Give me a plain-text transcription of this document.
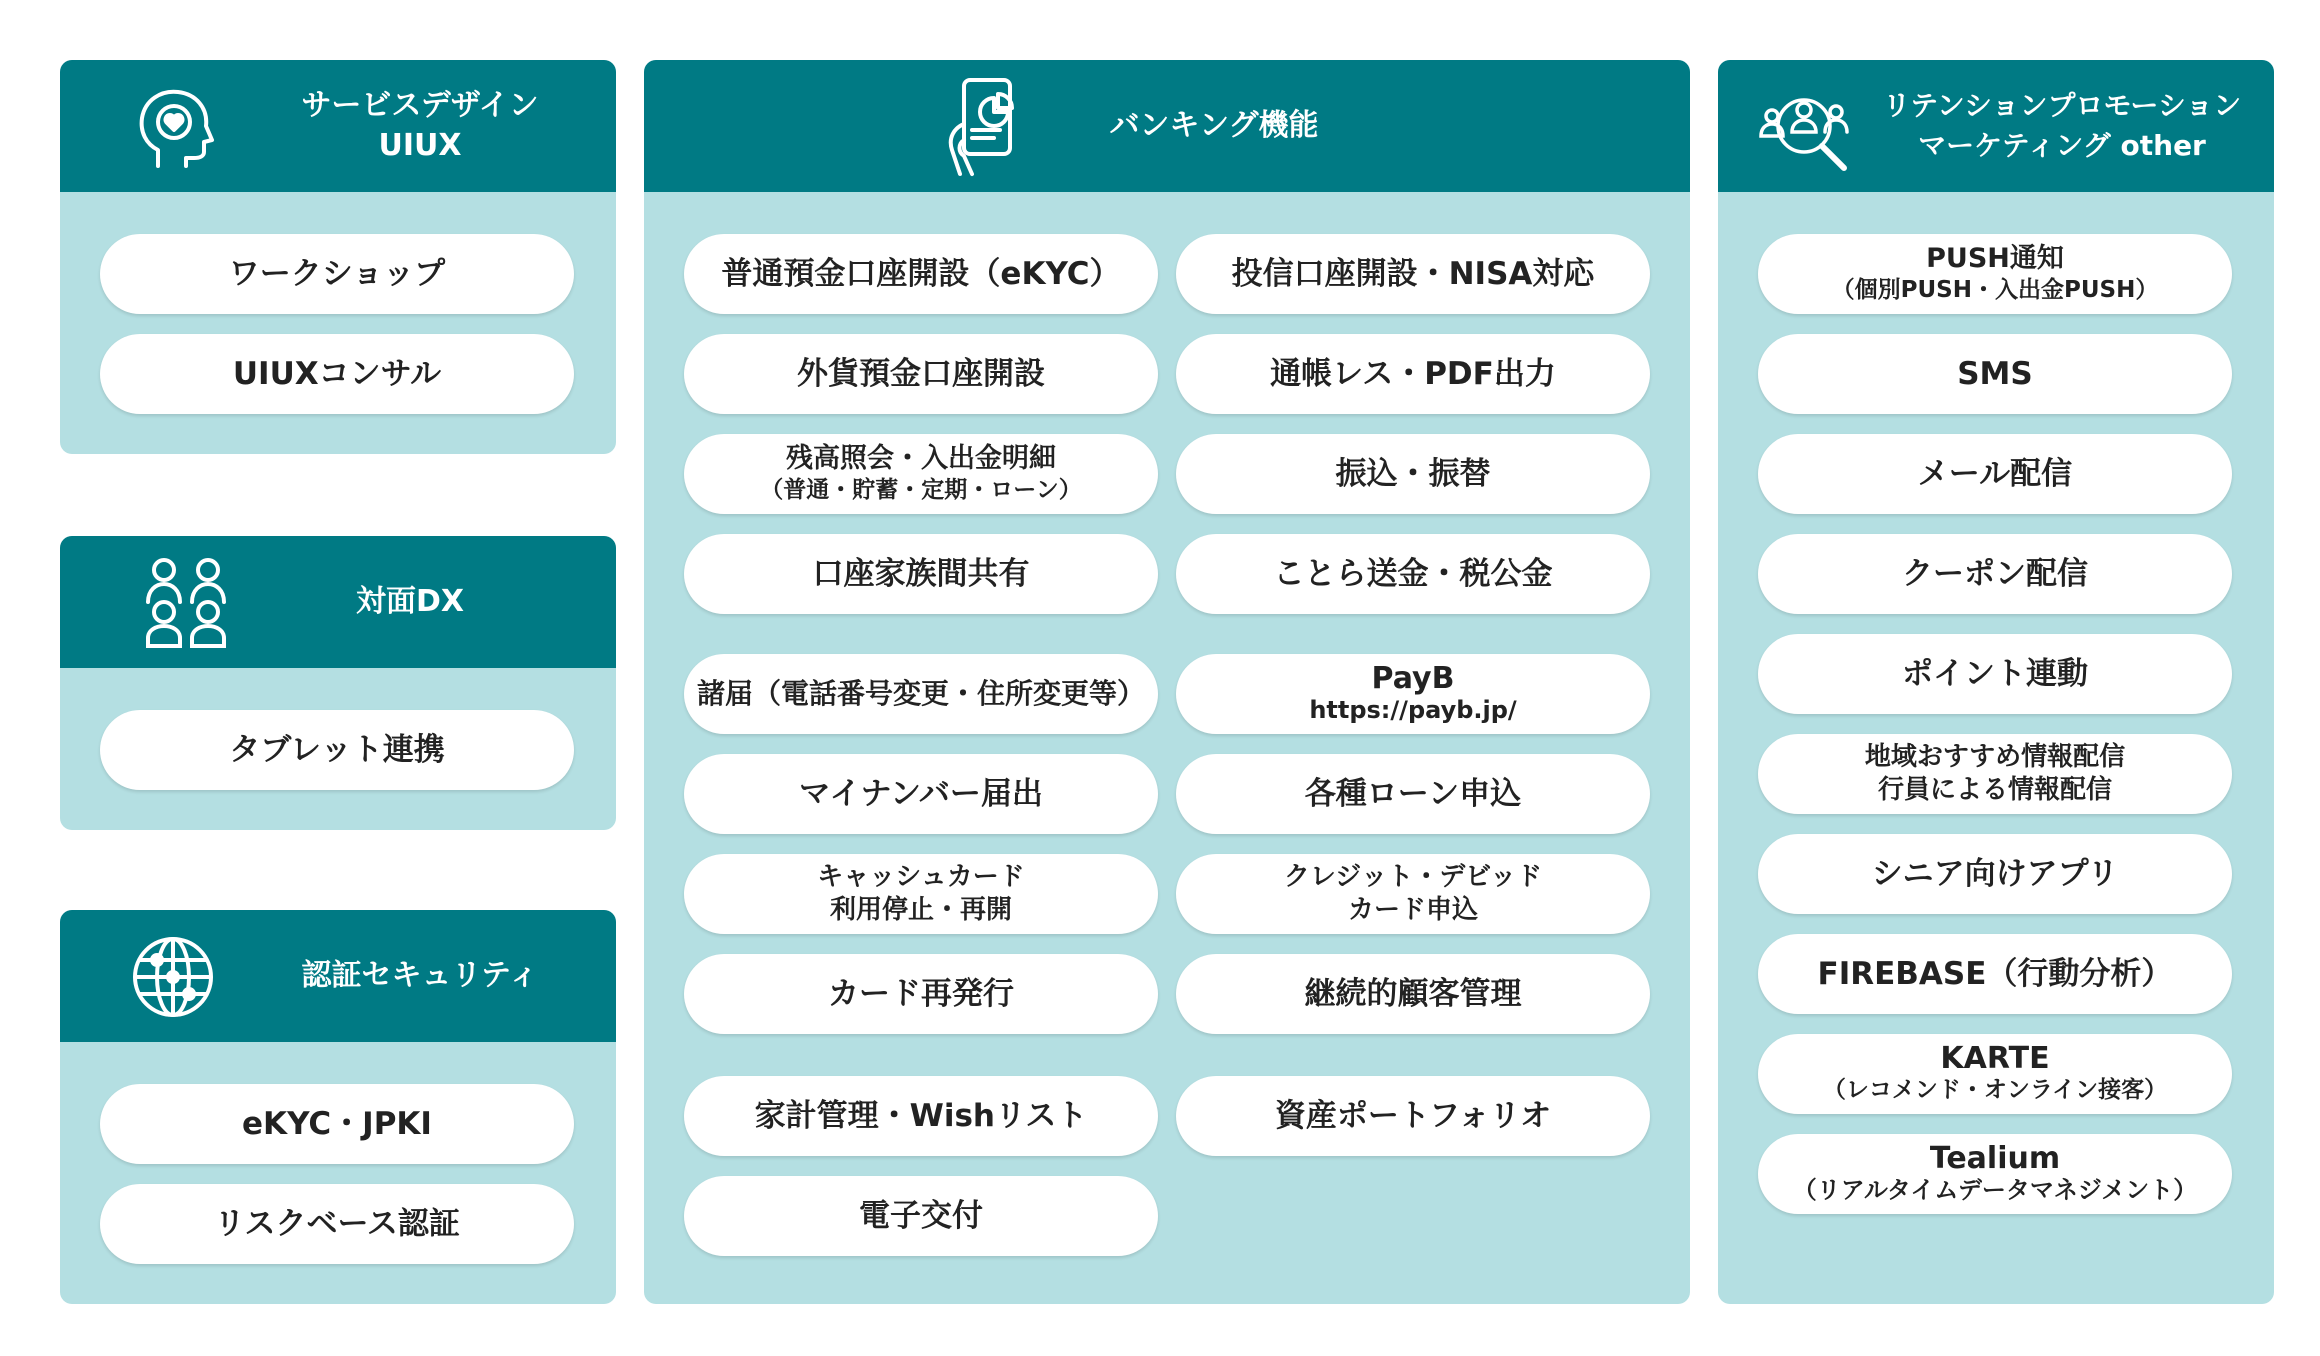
サービスデザイン
UIUX
ワークショップ
UIUXコンサル
対面DX
タブレット連携
認証セキュリティ
eKYC・JPKI
リスクベース認証
バンキング機能
普通預金口座開設（eKYC）
外貨預金口座開設
残高照会・入出金明細
（普通・貯蓄・定期・ローン）
口座家族間共有
諸届（電話番号変更・住所変更等）
マイナンバー届出
キャッシュカード
利用停止・再開
カード再発行
家計管理・Wishリスト
電子交付
投信口座開設・NISA対応
通帳レス・PDF出力
振込・振替
ことら送金・税公金
PayB
https://payb.jp/
各種ローン申込
クレジット・デビッド
カード申込
継続的顧客管理
資産ポートフォリオ
リテンションプロモーション
マーケティング other
PUSH通知
（個別PUSH・入出金PUSH）
SMS
メール配信
クーポン配信
ポイント連動
地域おすすめ情報配信
行員による情報配信
シニア向けアプリ
FIREBASE（行動分析）
KARTE
（レコメンド・オンライン接客）
Tealium
（リアルタイムデータマネジメント）
